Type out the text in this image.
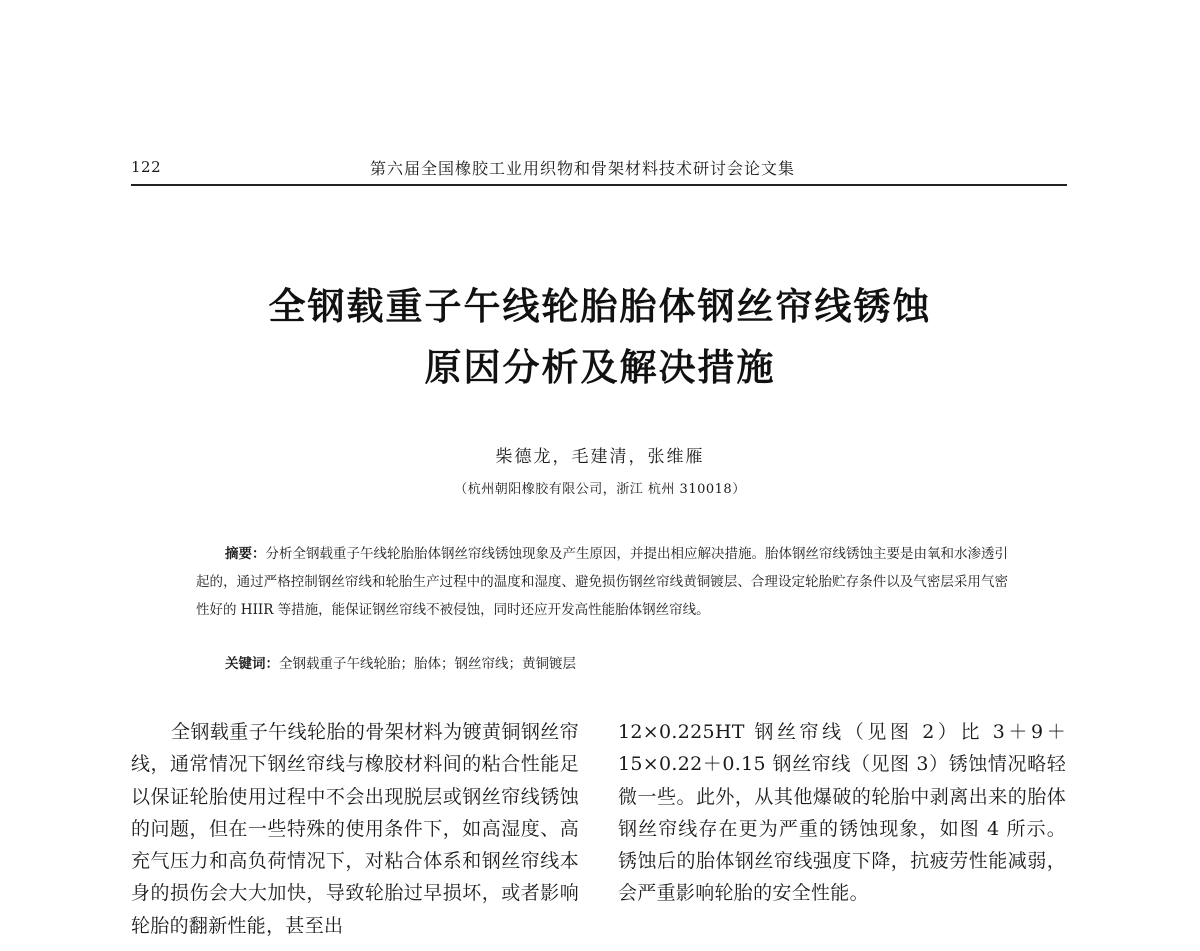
122	第六届全国橡胶工业用织物和骨架材料技术研讨会论文集
全钢载重子午线轮胎胎体钢丝帘线锈蚀
原因分析及解决措施
柴德龙，毛建清，张维雁
（杭州朝阳橡胶有限公司，浙江 杭州 310018）

摘要：分析全钢载重子午线轮胎胎体钢丝帘线锈蚀现象及产生原因，并提出相应解决措施。胎体钢丝帘线锈蚀主要是由氧和水渗透引起的，通过严格控制钢丝帘线和轮胎生产过程中的温度和湿度、避免损伤钢丝帘线黄铜镀层、合理设定轮胎贮存条件以及气密层采用气密性好的 HIIR 等措施，能保证钢丝帘线不被侵蚀，同时还应开发高性能胎体钢丝帘线。

关键词：全钢载重子午线轮胎；胎体；钢丝帘线；黄铜镀层

全钢载重子午线轮胎的骨架材料为镀黄铜钢丝帘线，通常情况下钢丝帘线与橡胶材料间的粘合性能足以保证轮胎使用过程中不会出现脱层或钢丝帘线锈蚀的问题，但在一些特殊的使用条件下，如高湿度、高充气压力和高负荷情况下，对粘合体系和钢丝帘线本身的损伤会大大加快，导致轮胎过早损坏，或者影响轮胎的翻新性能，甚至出

12×0.225HT 钢丝帘线（见图 2）比 3＋9＋15×0.22＋0.15 钢丝帘线（见图 3）锈蚀情况略轻微一些。此外，从其他爆破的轮胎中剥离出来的胎体钢丝帘线存在更为严重的锈蚀现象，如图 4 所示。锈蚀后的胎体钢丝帘线强度下降，抗疲劳性能减弱，会严重影响轮胎的安全性能。
